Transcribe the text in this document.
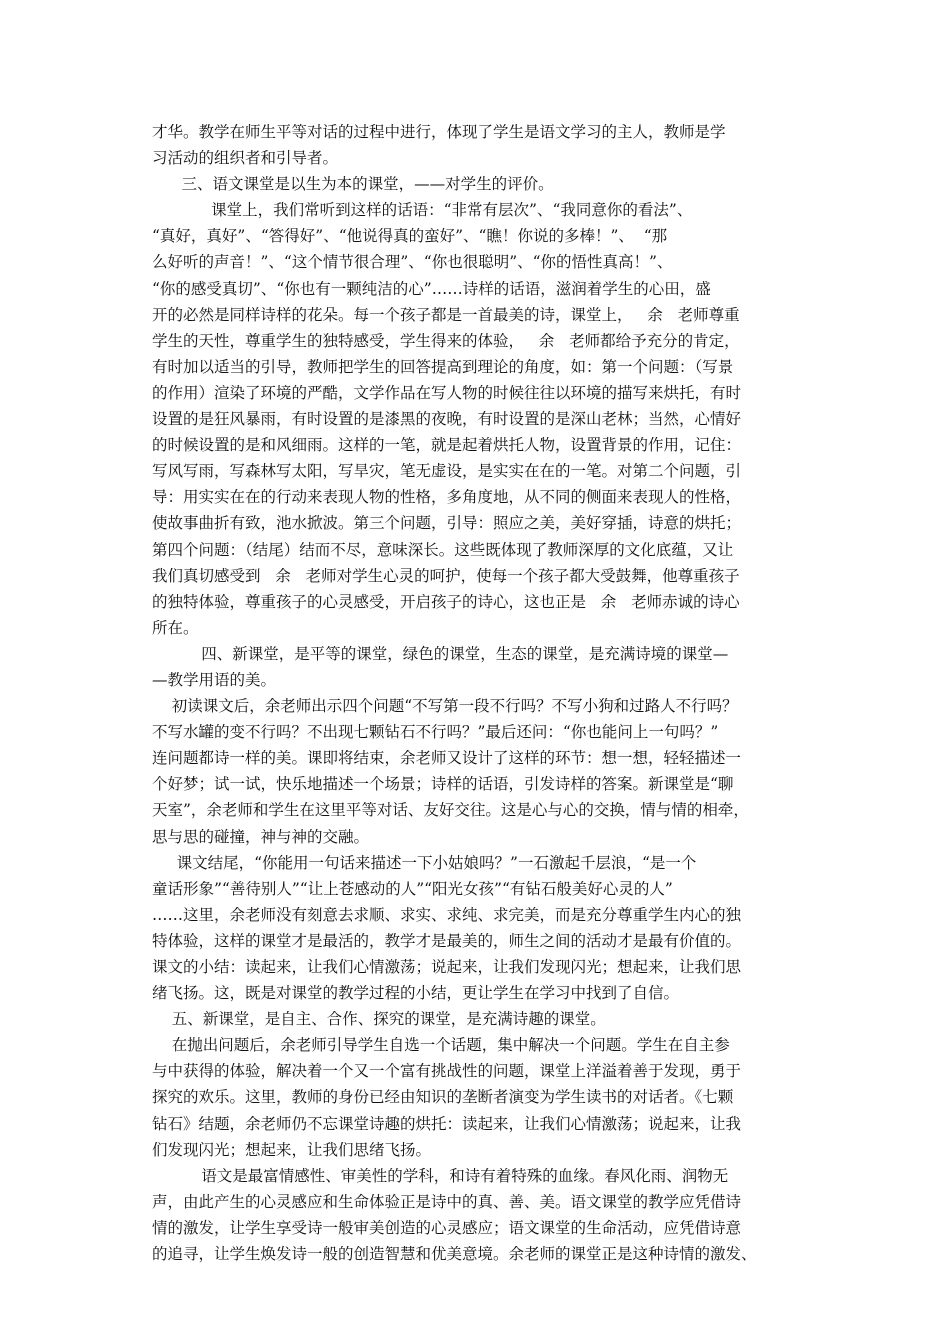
才华。教学在师生平等对话的过程中进行，体现了学生是语文学习的主人，教师是学
习活动的组织者和引导者。
三、语文课堂是以生为本的课堂，——对学生的评价。
课堂上，我们常听到这样的话语：“非常有层次”、“我同意你的看法”、
“真好，真好”、“答得好”、“他说得真的蛮好”、“瞧！你说的多棒！”、  “那
么好听的声音！”、“这个情节很合理”、“你也很聪明”、“你的悟性真高！”、
“你的感受真切”、“你也有一颗纯洁的心”……诗样的话语，滋润着学生的心田，盛
开的必然是同样诗样的花朵。每一个孩子都是一首最美的诗，课堂上，   余   老师尊重
学生的天性，尊重学生的独特感受，学生得来的体验，   余   老师都给予充分的肯定，
有时加以适当的引导，教师把学生的回答提高到理论的角度，如：第一个问题：（写景
的作用）渲染了环境的严酷，文学作品在写人物的时候往往以环境的描写来烘托，有时
设置的是狂风暴雨，有时设置的是漆黑的夜晚，有时设置的是深山老林；当然，心情好
的时候设置的是和风细雨。这样的一笔，就是起着烘托人物，设置背景的作用，记住：
写风写雨，写森林写太阳，写旱灾，笔无虚设，是实实在在的一笔。对第二个问题，引
导：用实实在在的行动来表现人物的性格，多角度地，从不同的侧面来表现人的性格，
使故事曲折有致，池水掀波。第三个问题，引导：照应之美，美好穿插，诗意的烘托；
第四个问题：（结尾）结而不尽，意味深长。这些既体现了教师深厚的文化底蕴，又让
我们真切感受到   余   老师对学生心灵的呵护，使每一个孩子都大受鼓舞，他尊重孩子
的独特体验，尊重孩子的心灵感受，开启孩子的诗心，这也正是   余   老师赤诚的诗心
所在。
四、新课堂，是平等的课堂，绿色的课堂，生态的课堂，是充满诗境的课堂—
—教学用语的美。
初读课文后，余老师出示四个问题“不写第一段不行吗？不写小狗和过路人不行吗？
不写水罐的变不行吗？不出现七颗钻石不行吗？”最后还问：“你也能问上一句吗？”
连问题都诗一样的美。课即将结束，余老师又设计了这样的环节：想一想，轻轻描述一
个好梦；试一试，快乐地描述一个场景；诗样的话语，引发诗样的答案。新课堂是“聊
天室”，余老师和学生在这里平等对话、友好交往。这是心与心的交换，情与情的相牵，
思与思的碰撞，神与神的交融。
课文结尾，“你能用一句话来描述一下小姑娘吗？”一石激起千层浪，“是一个
童话形象”“善待别人”“让上苍感动的人”“阳光女孩”“有钻石般美好心灵的人”
……这里，余老师没有刻意去求顺、求实、求纯、求完美，而是充分尊重学生内心的独
特体验，这样的课堂才是最活的，教学才是最美的，师生之间的活动才是最有价值的。
课文的小结：读起来，让我们心情激荡；说起来，让我们发现闪光；想起来，让我们思
绪飞扬。这，既是对课堂的教学过程的小结，更让学生在学习中找到了自信。
五、新课堂，是自主、合作、探究的课堂，是充满诗趣的课堂。
在抛出问题后，余老师引导学生自选一个话题，集中解决一个问题。学生在自主参
与中获得的体验，解决着一个又一个富有挑战性的问题，课堂上洋溢着善于发现，勇于
探究的欢乐。这里，教师的身份已经由知识的垄断者演变为学生读书的对话者。《七颗
钻石》结题，余老师仍不忘课堂诗趣的烘托：读起来，让我们心情激荡；说起来，让我
们发现闪光；想起来，让我们思绪飞扬。
语文是最富情感性、审美性的学科，和诗有着特殊的血缘。春风化雨、润物无
声，由此产生的心灵感应和生命体验正是诗中的真、善、美。语文课堂的教学应凭借诗
情的激发，让学生享受诗一般审美创造的心灵感应；语文课堂的生命活动，应凭借诗意
的追寻，让学生焕发诗一般的创造智慧和优美意境。余老师的课堂正是这种诗情的激发、
